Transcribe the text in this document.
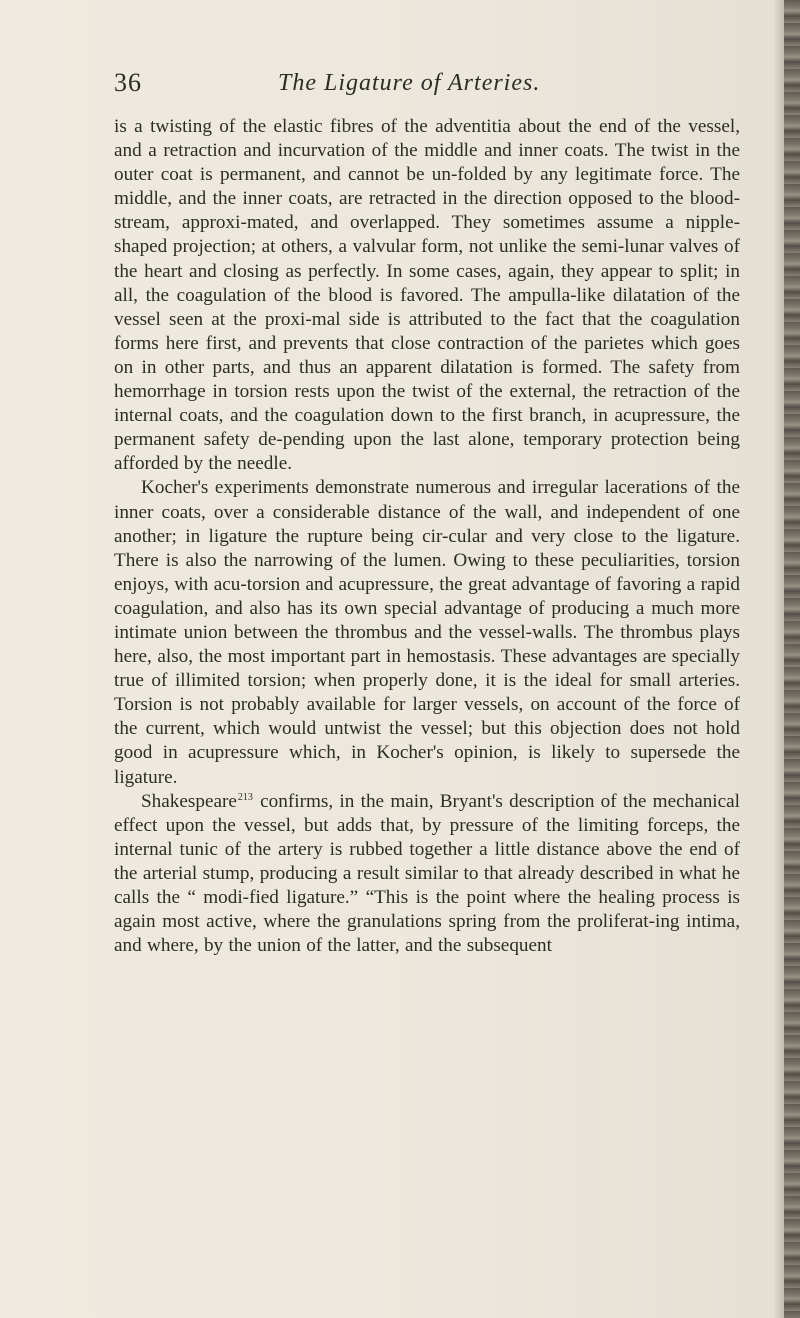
36	The Ligature of Arteries.

is a twisting of the elastic fibres of the adventitia about the end of the vessel, and a retraction and incurvation of the middle and inner coats. The twist in the outer coat is permanent, and cannot be un-folded by any legitimate force. The middle, and the inner coats, are retracted in the direction opposed to the blood-stream, approxi-mated, and overlapped. They sometimes assume a nipple-shaped projection; at others, a valvular form, not unlike the semi-lunar valves of the heart and closing as perfectly. In some cases, again, they appear to split; in all, the coagulation of the blood is favored. The ampulla-like dilatation of the vessel seen at the proxi-mal side is attributed to the fact that the coagulation forms here first, and prevents that close contraction of the parietes which goes on in other parts, and thus an apparent dilatation is formed. The safety from hemorrhage in torsion rests upon the twist of the external, the retraction of the internal coats, and the coagulation down to the first branch, in acupressure, the permanent safety de-pending upon the last alone, temporary protection being afforded by the needle.

Kocher's experiments demonstrate numerous and irregular lacerations of the inner coats, over a considerable distance of the wall, and independent of one another; in ligature the rupture being cir-cular and very close to the ligature. There is also the narrowing of the lumen. Owing to these peculiarities, torsion enjoys, with acu-torsion and acupressure, the great advantage of favoring a rapid coagulation, and also has its own special advantage of producing a much more intimate union between the thrombus and the vessel-walls. The thrombus plays here, also, the most important part in hemostasis. These advantages are specially true of illimited torsion; when properly done, it is the ideal for small arteries. Torsion is not probably available for larger vessels, on account of the force of the current, which would untwist the vessel; but this objection does not hold good in acupressure which, in Kocher's opinion, is likely to supersede the ligature.

Shakespeare$^{213}$ confirms, in the main, Bryant's description of the mechanical effect upon the vessel, but adds that, by pressure of the limiting forceps, the internal tunic of the artery is rubbed together a little distance above the end of the arterial stump, producing a result similar to that already described in what he calls the “ modi-fied ligature.” “This is the point where the healing process is again most active, where the granulations spring from the proliferat-ing intima, and where, by the union of the latter, and the subsequent
